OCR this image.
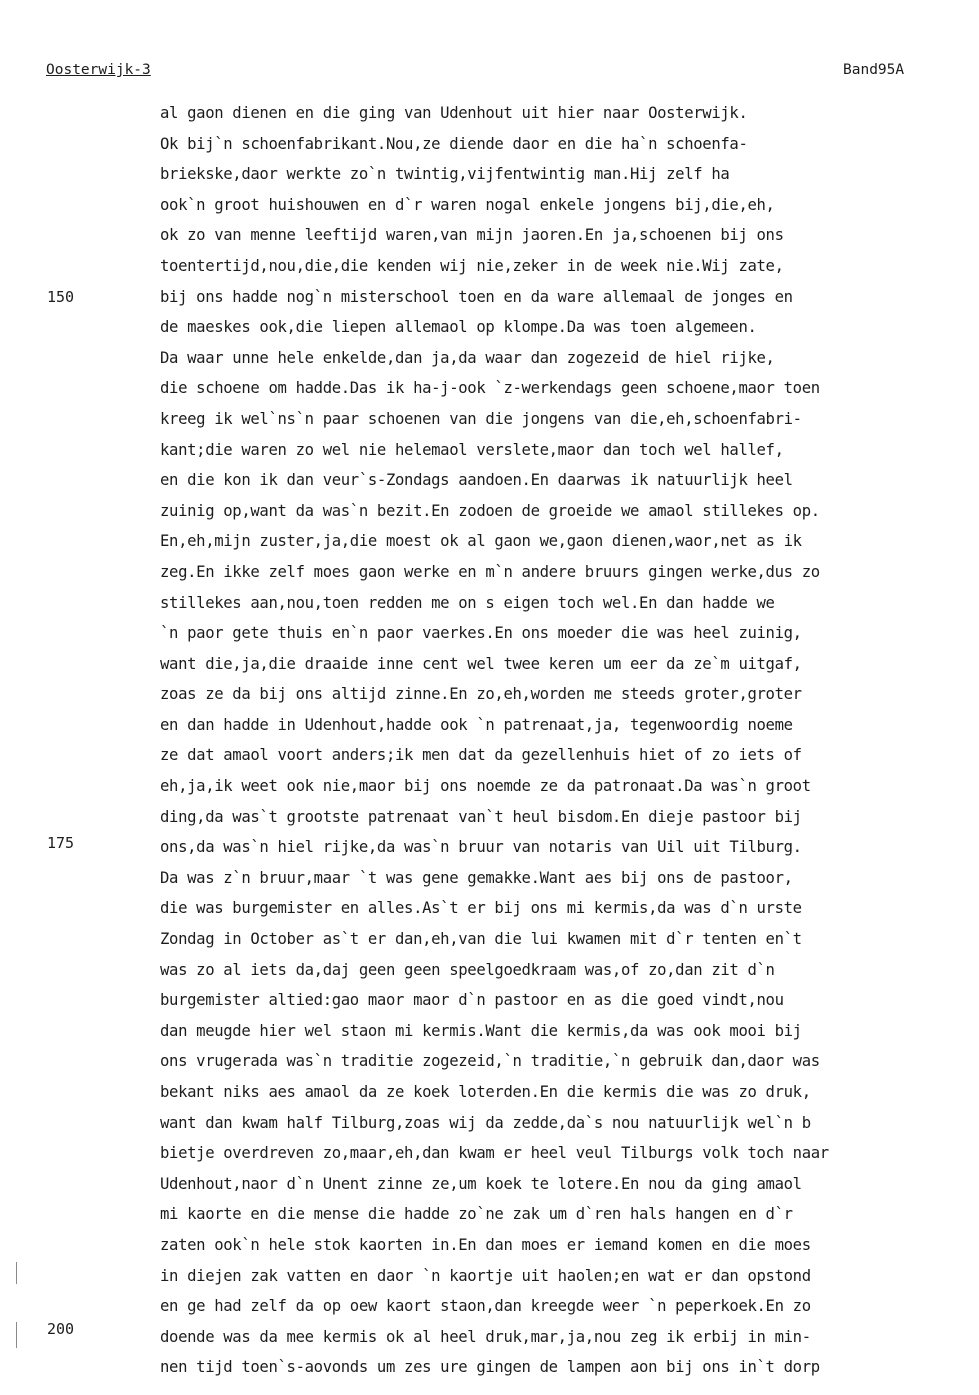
Oosterwijk-3	Band95A
150
175
200
al gaon dienen en die ging van Udenhout uit hier naar Oosterwijk.
Ok bij`n schoenfabrikant.Nou,ze diende daor en die ha`n schoenfa-
briekske,daor werkte zo`n twintig,vijfentwintig man.Hij zelf ha
ook`n groot huishouwen en d`r waren nogal enkele jongens bij,die,eh,
ok zo van menne leeftijd waren,van mijn jaoren.En ja,schoenen bij ons
toentertijd,nou,die,die kenden wij nie,zeker in de week nie.Wij zate,
bij ons hadde nog`n misterschool toen en da ware allemaal de jonges en
de maeskes ook,die liepen allemaol op klompe.Da was toen algemeen.
Da waar unne hele enkelde,dan ja,da waar dan zogezeid de hiel rijke,
die schoene om hadde.Das ik ha-j-ook `z-werkendags geen schoene,maor toen
kreeg ik wel`ns`n paar schoenen van die jongens van die,eh,schoenfabri-
kant;die waren zo wel nie helemaol verslete,maor dan toch wel hallef,
en die kon ik dan veur`s-Zondags aandoen.En daarwas ik natuurlijk heel
zuinig op,want da was`n bezit.En zodoen de groeide we amaol stillekes op.
En,eh,mijn zuster,ja,die moest ok al gaon we,gaon dienen,waor,net as ik
zeg.En ikke zelf moes gaon werke en m`n andere bruurs gingen werke,dus zo
stillekes aan,nou,toen redden me on s eigen toch wel.En dan hadde we
`n paor gete thuis en`n paor vaerkes.En ons moeder die was heel zuinig,
want die,ja,die draaide inne cent wel twee keren um eer da ze`m uitgaf,
zoas ze da bij ons altijd zinne.En zo,eh,worden me steeds groter,groter
en dan hadde in Udenhout,hadde ook `n patrenaat,ja, tegenwoordig noeme
ze dat amaol voort anders;ik men dat da gezellenhuis hiet of zo iets of
eh,ja,ik weet ook nie,maor bij ons noemde ze da patronaat.Da was`n groot
ding,da was`t grootste patrenaat van`t heul bisdom.En dieje pastoor bij
ons,da was`n hiel rijke,da was`n bruur van notaris van Uil uit Tilburg.
Da was z`n bruur,maar `t was gene gemakke.Want aes bij ons de pastoor,
die was burgemister en alles.As`t er bij ons mi kermis,da was d`n urste
Zondag in October as`t er dan,eh,van die lui kwamen mit d`r tenten en`t
was zo al iets da,daj geen geen speelgoedkraam was,of zo,dan zit d`n
burgemister altied:gao maor maor d`n pastoor en as die goed vindt,nou
dan meugde hier wel staon mi kermis.Want die kermis,da was ook mooi bij
ons vrugerada was`n traditie zogezeid,`n traditie,`n gebruik dan,daor was
bekant niks aes amaol da ze koek loterden.En die kermis die was zo druk,
want dan kwam half Tilburg,zoas wij da zedde,da`s nou natuurlijk wel`n b
bietje overdreven zo,maar,eh,dan kwam er heel veul Tilburgs volk toch naar
Udenhout,naor d`n Unent zinne ze,um koek te lotere.En nou da ging amaol
mi kaorte en die mense die hadde zo`ne zak um d`ren hals hangen en d`r
zaten ook`n hele stok kaorten in.En dan moes er iemand komen en die moes
in diejen zak vatten en daor `n kaortje uit haolen;en wat er dan opstond
en ge had zelf da op oew kaort staon,dan kreegde weer `n peperkoek.En zo
doende was da mee kermis ok al heel druk,mar,ja,nou zeg ik erbij in min-
nen tijd toen`s-aovonds um zes ure gingen de lampen aon bij ons in`t dorp
